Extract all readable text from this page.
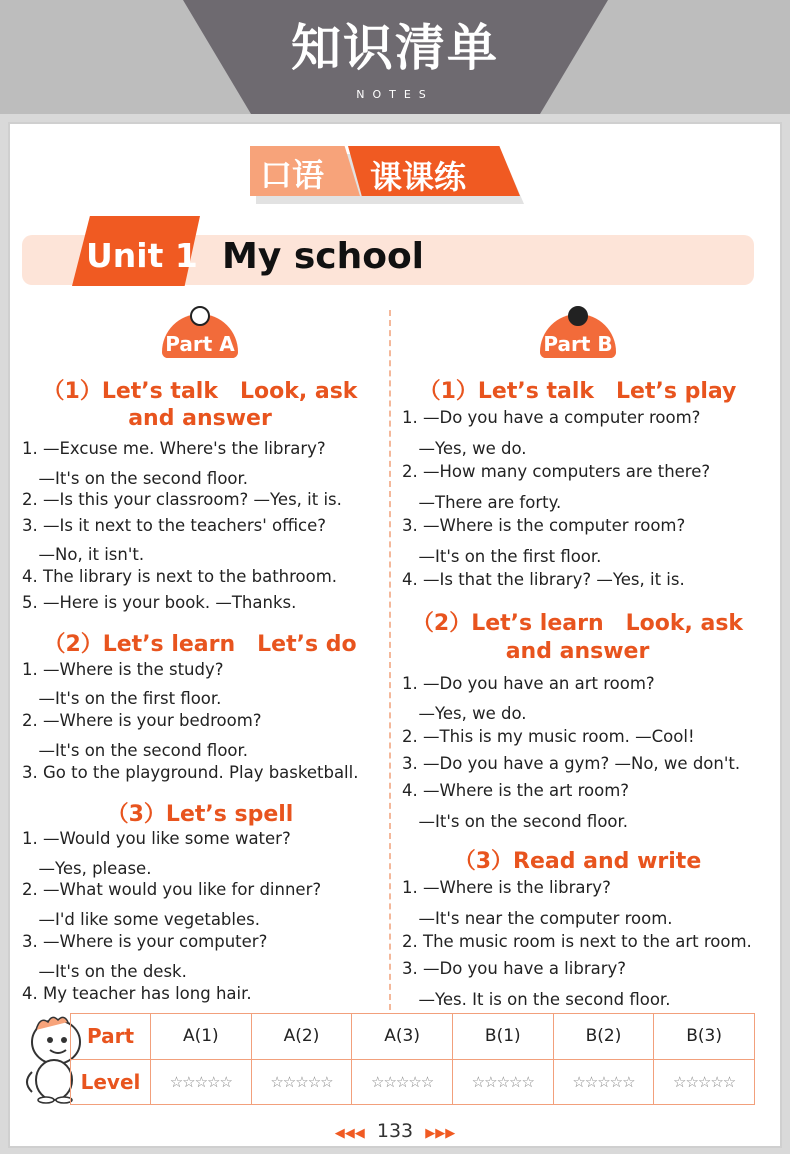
知识清单
NOTES
口语 课课练
Unit 1 My school
Part A	Part B
（1）Let’s talk　Look, ask
and answer
1. —Excuse me. Where's the library?
　—It's on the second floor.
2. —Is this your classroom? —Yes, it is.
3. —Is it next to the teachers' office?
　—No, it isn't.
4. The library is next to the bathroom.
5. —Here is your book. —Thanks.
（2）Let’s learn　Let’s do
1. —Where is the study?
　—It's on the first floor.
2. —Where is your bedroom?
　—It's on the second floor.
3. Go to the playground. Play basketball.
（3）Let’s spell
1. —Would you like some water?
　—Yes, please.
2. —What would you like for dinner?
　—I'd like some vegetables.
3. —Where is your computer?
　—It's on the desk.
4. My teacher has long hair.
（1）Let’s talk　Let’s play
1. —Do you have a computer room?
　—Yes, we do.
2. —How many computers are there?
　—There are forty.
3. —Where is the computer room?
　—It's on the first floor.
4. —Is that the library? —Yes, it is.
（2）Let’s learn　Look, ask
and answer
1. —Do you have an art room?
　—Yes, we do.
2. —This is my music room. —Cool!
3. —Do you have a gym? —No, we don't.
4. —Where is the art room?
　—It's on the second floor.
（3）Read and write
1. —Where is the library?
　—It's near the computer room.
2. The music room is next to the art room.
3. —Do you have a library?
　—Yes. It is on the second floor.
Part	A(1)	A(2)	A(3)	B(1)	B(2)	B(3)
Level	☆☆☆☆☆	☆☆☆☆☆	☆☆☆☆☆	☆☆☆☆☆	☆☆☆☆☆	☆☆☆☆☆
◀◀◀ 133 ▶▶▶
